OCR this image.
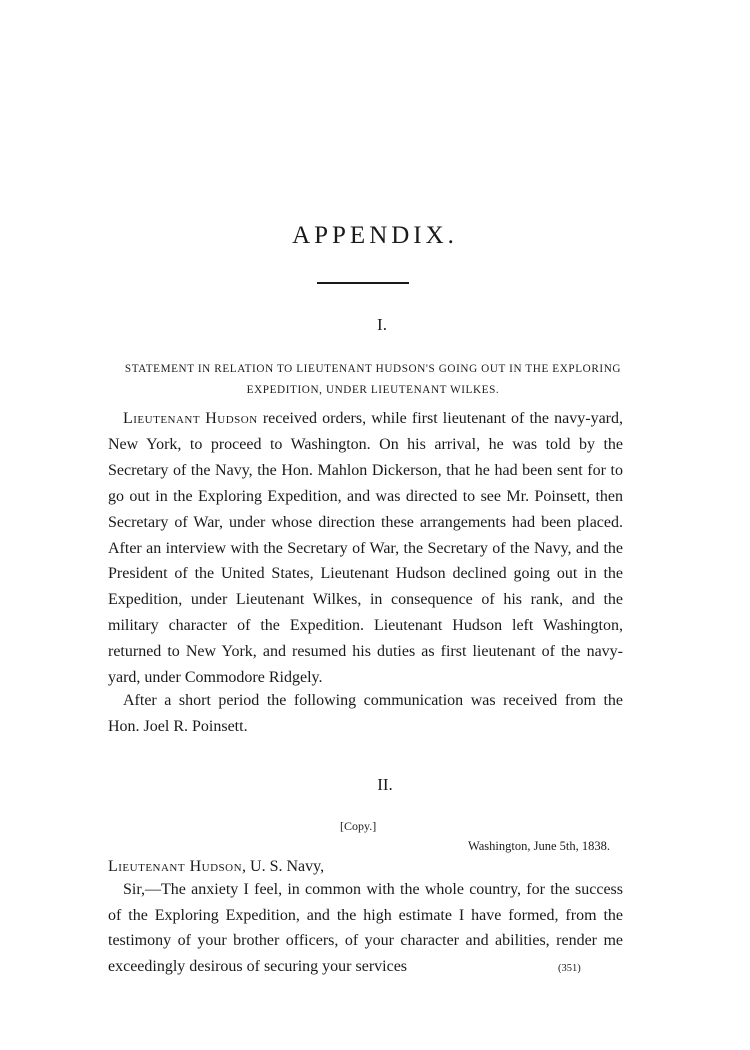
APPENDIX.
I.
STATEMENT IN RELATION TO LIEUTENANT HUDSON'S GOING OUT IN THE EXPLORING EXPEDITION, UNDER LIEUTENANT WILKES.
Lieutenant Hudson received orders, while first lieutenant of the navy-yard, New York, to proceed to Washington. On his arrival, he was told by the Secretary of the Navy, the Hon. Mahlon Dickerson, that he had been sent for to go out in the Exploring Expedition, and was directed to see Mr. Poinsett, then Secretary of War, under whose direction these arrangements had been placed. After an interview with the Secretary of War, the Secretary of the Navy, and the President of the United States, Lieutenant Hudson declined going out in the Expedition, under Lieutenant Wilkes, in consequence of his rank, and the military character of the Expedition. Lieutenant Hudson left Washington, returned to New York, and resumed his duties as first lieutenant of the navy-yard, under Commodore Ridgely.
After a short period the following communication was received from the Hon. Joel R. Poinsett.
II.
[Copy.]
Washington, June 5th, 1838.
Lieutenant Hudson, U. S. Navy,
Sir,—The anxiety I feel, in common with the whole country, for the success of the Exploring Expedition, and the high estimate I have formed, from the testimony of your brother officers, of your character and abilities, render me exceedingly desirous of securing your services	(351)
